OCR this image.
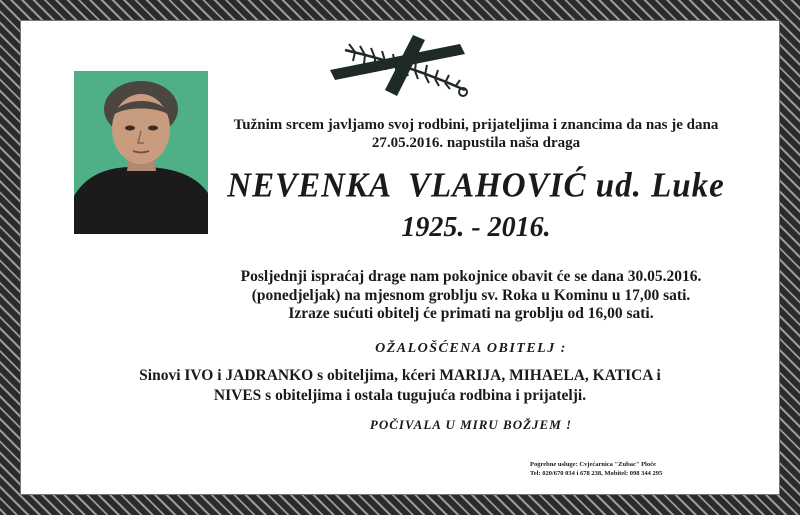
Tužnim srcem javljamo svoj rodbini, prijateljima i znancima da nas je dana
27.05.2016. napustila naša draga
NEVENKA VLAHOVIĆ ud. Luke
1925. - 2016.
Posljednji ispraćaj drage nam pokojnice obavit će se dana 30.05.2016.
(ponedjeljak) na mjesnom groblju sv. Roka u Kominu u 17,00 sati.
Izraze sućuti obitelj će primati na groblju od 16,00 sati.
OŽALOŠĆENA OBITELJ :
Sinovi IVO i JADRANKO s obiteljima, kćeri MARIJA, MIHAELA, KATICA i
NIVES s obiteljima i ostala tugujuća rodbina i prijatelji.
POČIVALA U MIRU BOŽJEM !
Pogrebne usluge: Cvjećarnica "Zubac" Ploče
Tel: 020/670 034 i 678 238, Mobitel: 098 344 295
